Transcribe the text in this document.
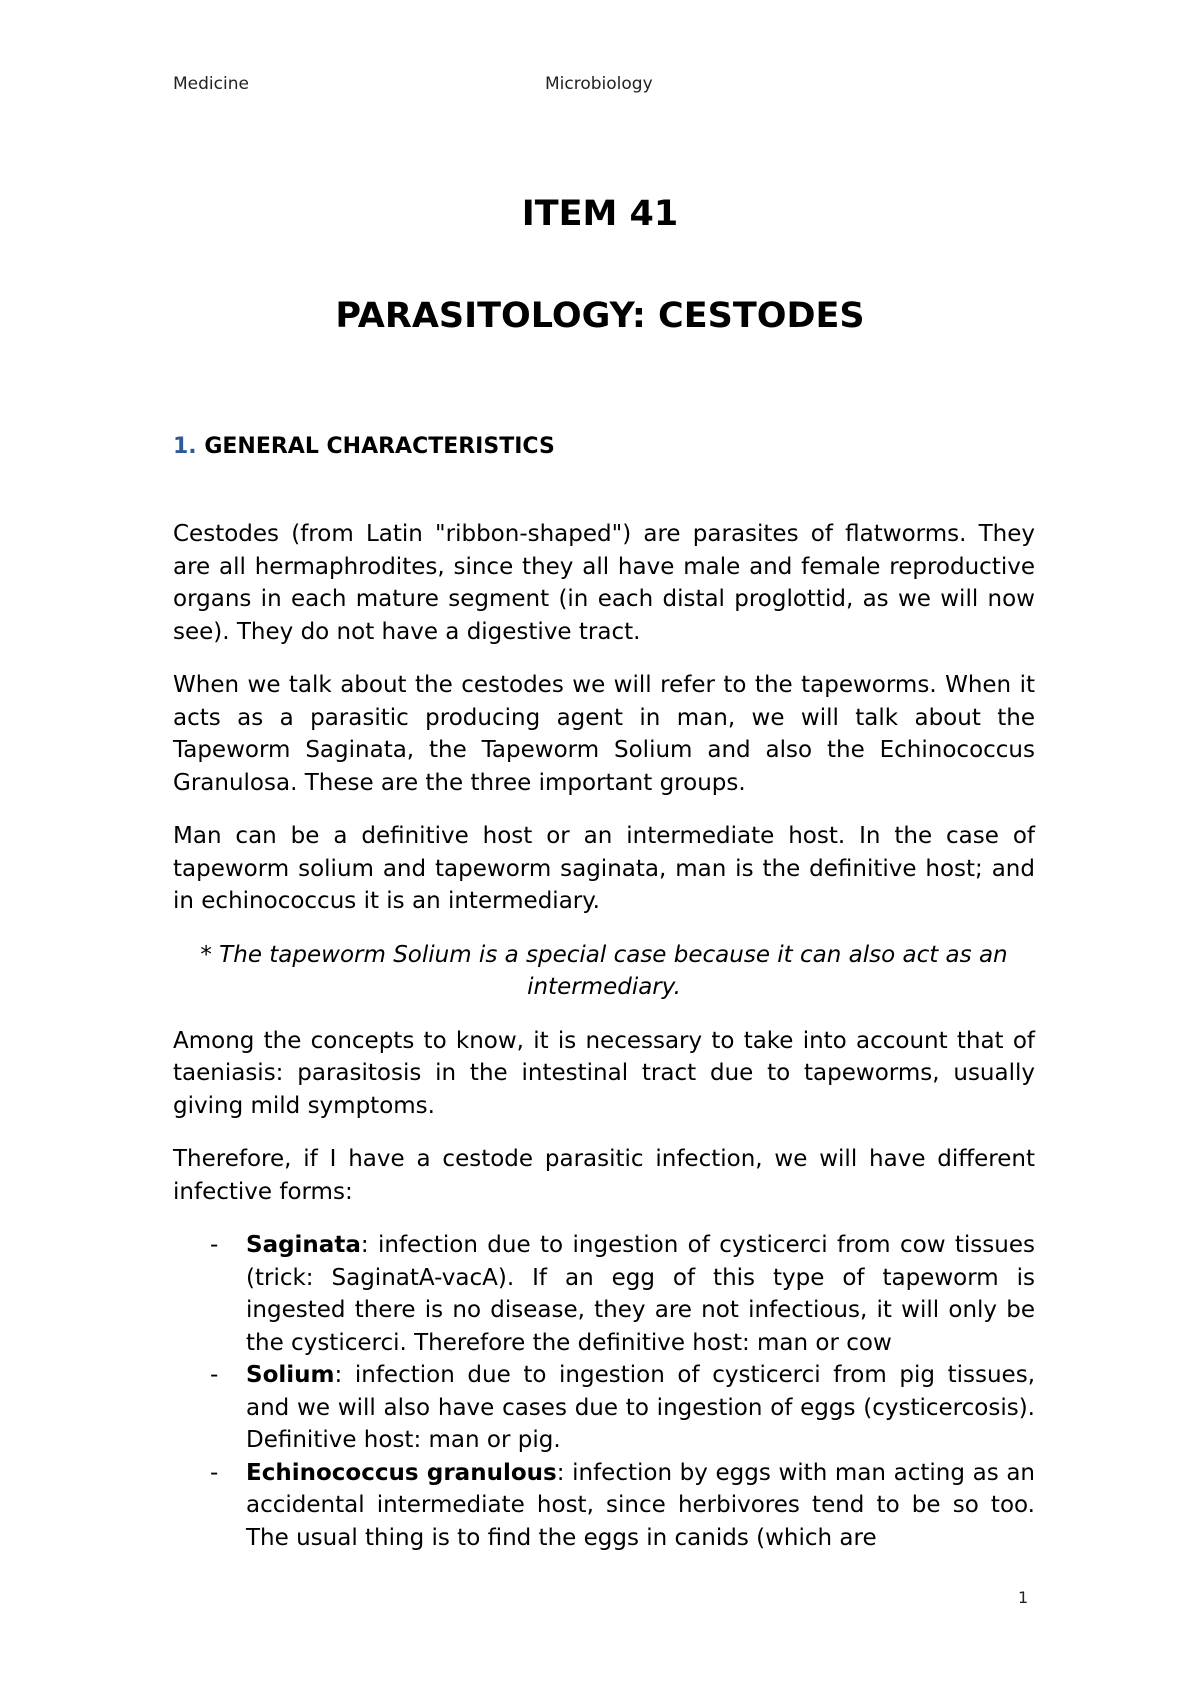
Medicine	Microbiology
ITEM 41
PARASITOLOGY: CESTODES
1. GENERAL CHARACTERISTICS

Cestodes (from Latin "ribbon-shaped") are parasites of flatworms. They are all hermaphrodites, since they all have male and female reproductive organs in each mature segment (in each distal proglottid, as we will now see). They do not have a digestive tract.

When we talk about the cestodes we will refer to the tapeworms. When it acts as a parasitic producing agent in man, we will talk about the Tapeworm Saginata, the Tapeworm Solium and also the Echinococcus Granulosa. These are the three important groups.

Man can be a definitive host or an intermediate host. In the case of tapeworm solium and tapeworm saginata, man is the definitive host; and in echinococcus it is an intermediary.

* The tapeworm Solium is a special case because it can also act as an intermediary.

Among the concepts to know, it is necessary to take into account that of taeniasis: parasitosis in the intestinal tract due to tapeworms, usually giving mild symptoms.

Therefore, if I have a cestode parasitic infection, we will have different infective forms:

- Saginata: infection due to ingestion of cysticerci from cow tissues (trick: SaginatA-vacA). If an egg of this type of tapeworm is ingested there is no disease, they are not infectious, it will only be the cysticerci. Therefore the definitive host: man or cow
- Solium: infection due to ingestion of cysticerci from pig tissues, and we will also have cases due to ingestion of eggs (cysticercosis). Definitive host: man or pig.
- Echinococcus granulous: infection by eggs with man acting as an accidental intermediate host, since herbivores tend to be so too. The usual thing is to find the eggs in canids (which are
1
